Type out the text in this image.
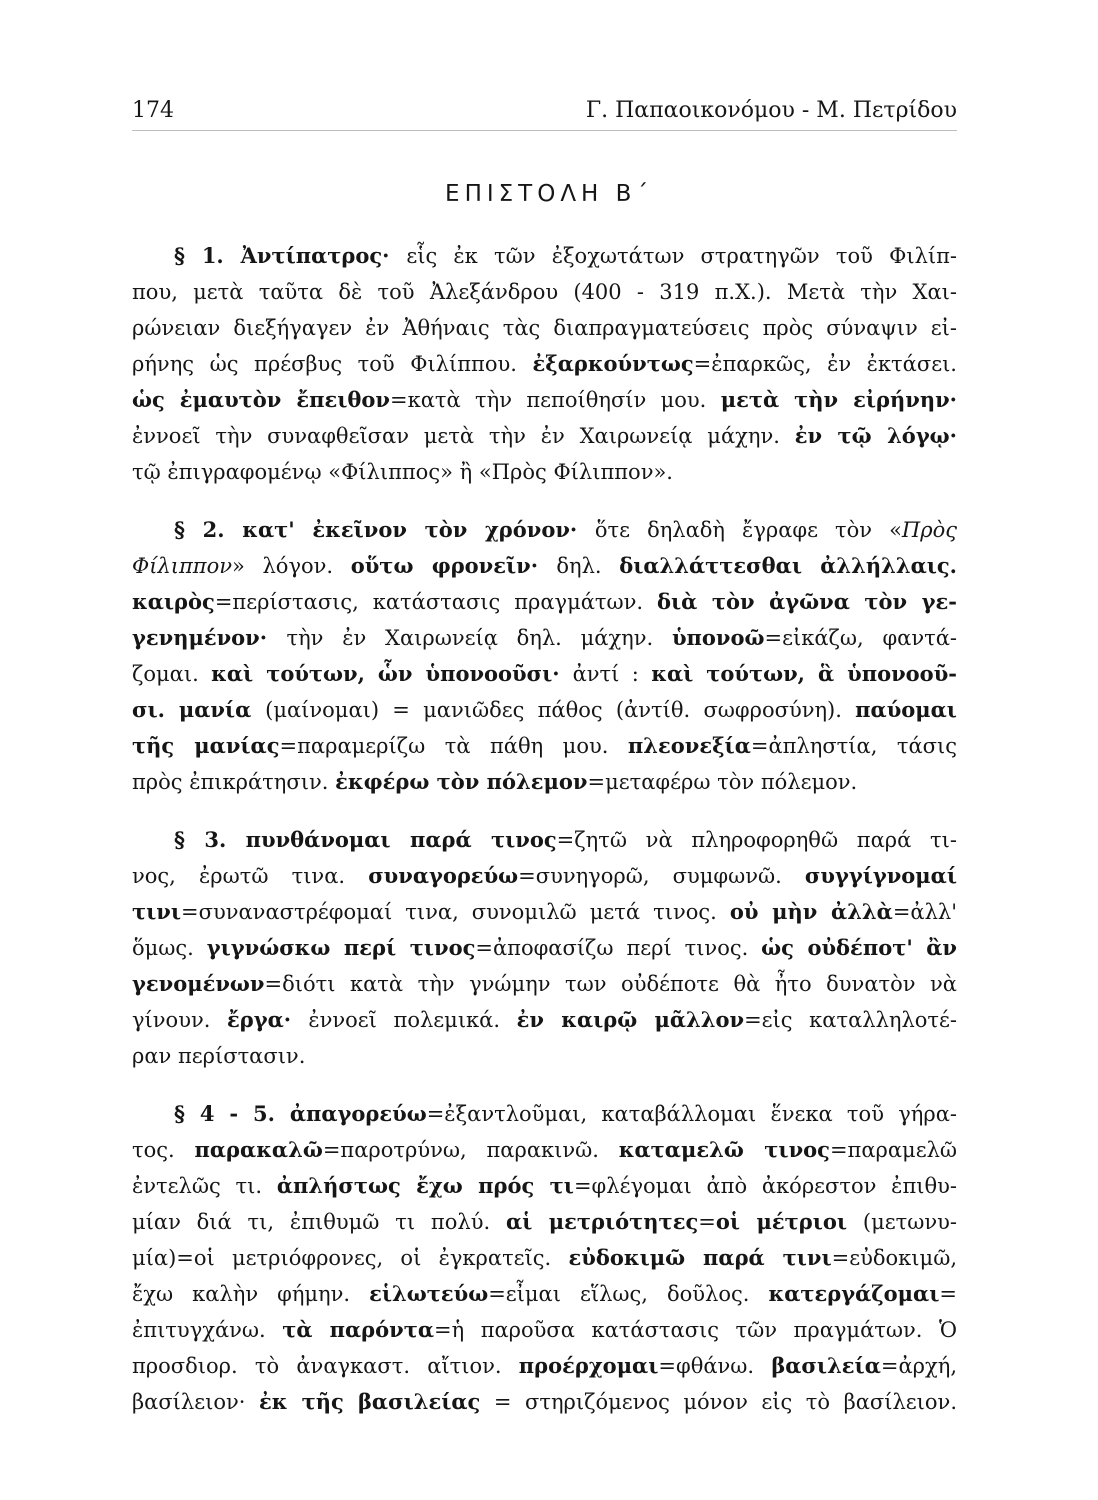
174	Γ. Παπαοικονόμου - Μ. Πετρίδου
ΕΠΙΣΤΟΛΗ Β΄
§ 1. Ἀντίπατρος· εἷς ἐκ τῶν ἐξοχωτάτων στρατηγῶν τοῦ Φιλίπ-
που, μετὰ ταῦτα δὲ τοῦ Ἀλεξάνδρου (400 - 319 π.Χ.). Μετὰ τὴν Χαι-
ρώνειαν διεξήγαγεν ἐν Ἀθήναις τὰς διαπραγματεύσεις πρὸς σύναψιν εἰ-
ρήνης ὡς πρέσβυς τοῦ Φιλίππου. ἐξαρκούντως=ἐπαρκῶς, ἐν ἐκτάσει.
ὡς ἐμαυτὸν ἔπειθον=κατὰ τὴν πεποίθησίν μου. μετὰ τὴν εἰρήνην·
ἐννοεῖ τὴν συναφθεῖσαν μετὰ τὴν ἐν Χαιρωνείᾳ μάχην. ἐν τῷ λόγῳ·
τῷ ἐπιγραφομένῳ «Φίλιππος» ἢ «Πρὸς Φίλιππον».
§ 2. κατ' ἐκεῖνον τὸν χρόνον· ὅτε δηλαδὴ ἔγραφε τὸν «Πρὸς
Φίλιππον» λόγον. οὕτω φρονεῖν· δηλ. διαλλάττεσθαι ἀλλήλλαις.
καιρὸς=περίστασις, κατάστασις πραγμάτων. διὰ τὸν ἀγῶνα τὸν γε-
γενημένον· τὴν ἐν Χαιρωνείᾳ δηλ. μάχην. ὑπονοῶ=εἰκάζω, φαντά-
ζομαι. καὶ τούτων, ὧν ὑπονοοῦσι· ἀντί : καὶ τούτων, ἃ ὑπονοοῦ-
σι. μανία (μαίνομαι) = μανιῶδες πάθος (ἀντίθ. σωφροσύνη). παύομαι
τῆς μανίας=παραμερίζω τὰ πάθη μου. πλεονεξία=ἀπληστία, τάσις
πρὸς ἐπικράτησιν. ἐκφέρω τὸν πόλεμον=μεταφέρω τὸν πόλεμον.
§ 3. πυνθάνομαι παρά τινος=ζητῶ νὰ πληροφορηθῶ παρά τι-
νος, ἐρωτῶ τινα. συναγορεύω=συνηγορῶ, συμφωνῶ. συγγίγνομαί
τινι=συναναστρέφομαί τινα, συνομιλῶ μετά τινος. οὐ μὴν ἀλλὰ=ἀλλ'
ὅμως. γιγνώσκω περί τινος=ἀποφασίζω περί τινος. ὡς οὐδέποτ' ἂν
γενομένων=διότι κατὰ τὴν γνώμην των οὐδέποτε θὰ ἦτο δυνατὸν νὰ
γίνουν. ἔργα· ἐννοεῖ πολεμικά. ἐν καιρῷ μᾶλλον=εἰς καταλληλοτέ-
ραν περίστασιν.
§ 4 - 5. ἀπαγορεύω=ἐξαντλοῦμαι, καταβάλλομαι ἕνεκα τοῦ γήρα-
τος. παρακαλῶ=παροτρύνω, παρακινῶ. καταμελῶ τινος=παραμελῶ
ἐντελῶς τι. ἀπλήστως ἔχω πρός τι=φλέγομαι ἀπὸ ἀκόρεστον ἐπιθυ-
μίαν διά τι, ἐπιθυμῶ τι πολύ. αἱ μετριότητες=οἱ μέτριοι (μετωνυ-
μία)=οἱ μετριόφρονες, οἱ ἐγκρατεῖς. εὐδοκιμῶ παρά τινι=εὐδοκιμῶ,
ἔχω καλὴν φήμην. εἱλωτεύω=εἶμαι εἵλως, δοῦλος. κατεργάζομαι=
ἐπιτυγχάνω. τὰ παρόντα=ἡ παροῦσα κατάστασις τῶν πραγμάτων. Ὁ
προσδιορ. τὸ ἀναγκαστ. αἴτιον. προέρχομαι=φθάνω. βασιλεία=ἀρχή,
βασίλειον· ἐκ τῆς βασιλείας = στηριζόμενος μόνον εἰς τὸ βασίλειον.
